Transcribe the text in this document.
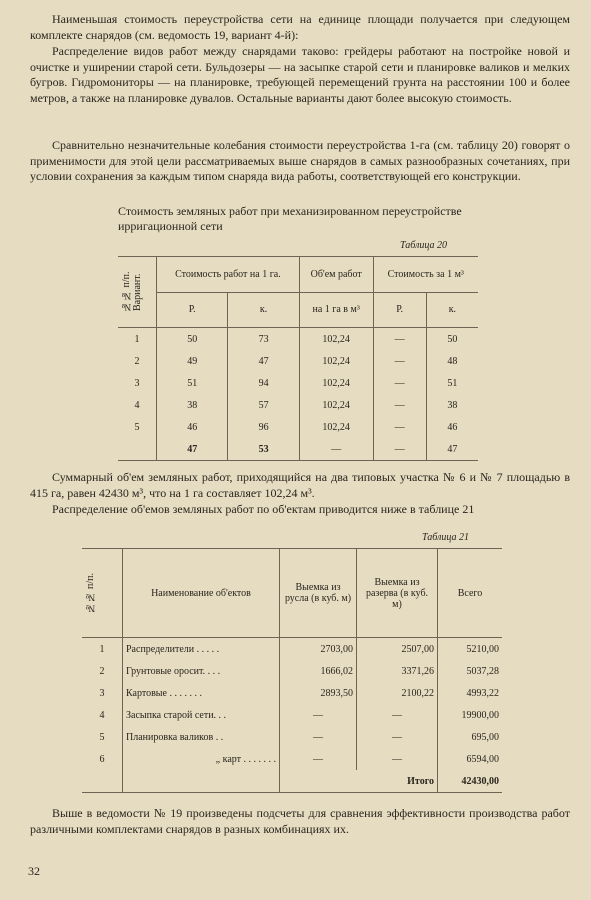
Наименьшая стоимость переустройства сети на единице площади получается при следующем комплекте снарядов (см. ведомость 19, вариант 4-й):

Распределение видов работ между снарядами таково: грейдеры работают на постройке новой и очистке и уширении старой сети. Бульдозеры — на засыпке старой сети и планировке валиков и мелких бугров. Гидромониторы — на планировке, требующей перемещений грунта на расстоянии 100 и более метров, а также на планировке дувалов. Остальные варианты дают более высокую стоимость.

Сравнительно незначительные колебания стоимости переустройства 1-га (см. таблицу 20) говорят о применимости для этой цели рассматриваемых выше снарядов в самых разнообразных сочетаниях, при условии сохранения за каждым типом снаряда вида работы, соответствующей его конструкции.

Стоимость земляных работ при механизированном переустройстве ирригационной сети

Таблица 20
№№ п/п. Вариант.	Стоимость работ на 1 га.		Об'ем работ	Стоимость за 1 м³	
	Р.	к.	на 1 га в м³	Р.	к.
1	50	73	102,24	—	50
2	49	47	102,24	—	48
3	51	94	102,24	—	51
4	38	57	102,24	—	38
5	46	96	102,24	—	46
	47	53	—	—	47

Суммарный об'ем земляных работ, приходящийся на два типовых участка № 6 и № 7 площадью в 415 га, равен 42430 м³, что на 1 га составляет 102,24 м³.

Распределение об'емов земляных работ по об'ектам приводится ниже в таблице 21

Таблица 21
№№ п/п.	Наименование об'ектов	Выемка из русла (в куб. м)	Выемка из разерва (в куб. м)	Всего
1	Распределители . . . . .	2703,00	2507,00	5210,00
2	Грунтовые оросит. . . .	1666,02	3371,26	5037,28
3	Картовые . . . . . . .	2893,50	2100,22	4993,22
4	Засыпка старой сети. . .	—	—	19900,00
5	Планировка валиков . .	—	—	695,00
6	„ карт . . . . . . .	—	—	6594,00
		Итого		42430,00

Выше в ведомости № 19 произведены подсчеты для сравнения эффективности производства работ различными комплектами снарядов в разных комбинациях их.

32
